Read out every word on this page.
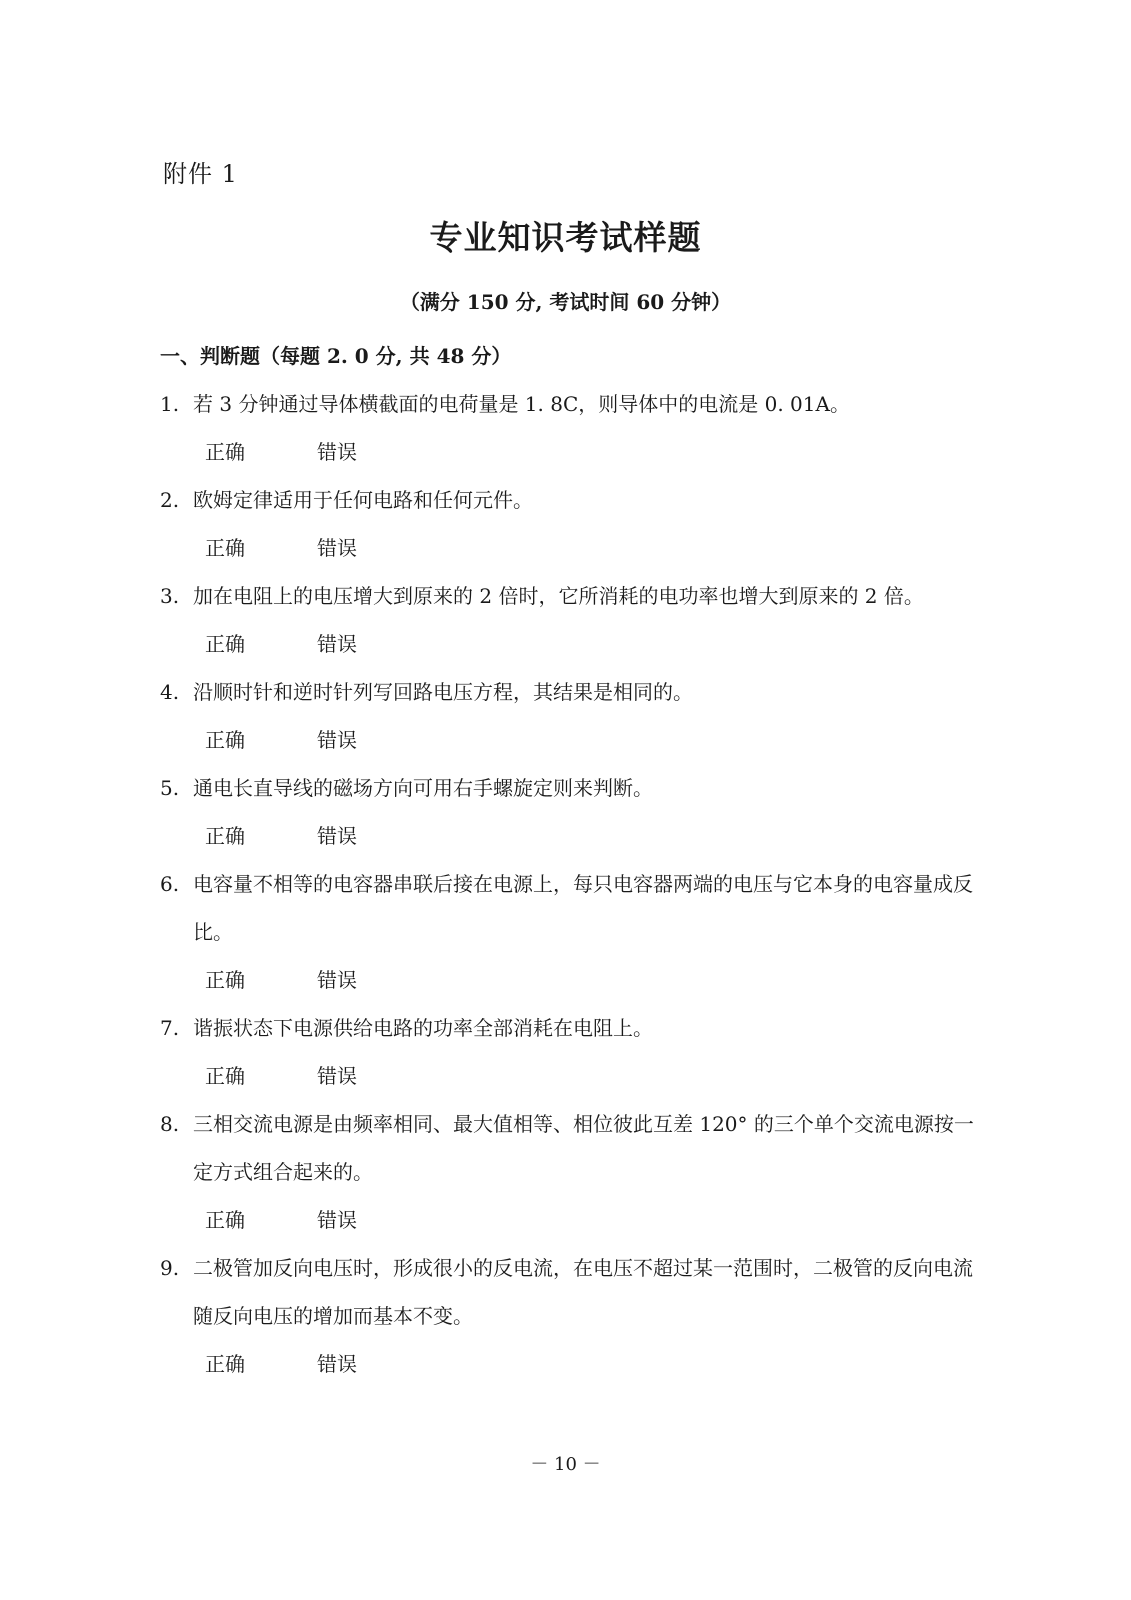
附件 1
专业知识考试样题
（满分 150 分, 考试时间 60 分钟）
一、判断题（每题 2. 0 分, 共 48 分）
1. 若 3 分钟通过导体横截面的电荷量是 1. 8C，则导体中的电流是 0. 01A。
正确	错误
2. 欧姆定律适用于任何电路和任何元件。
正确	错误
3. 加在电阻上的电压增大到原来的 2 倍时，它所消耗的电功率也增大到原来的 2 倍。
正确	错误
4. 沿顺时针和逆时针列写回路电压方程，其结果是相同的。
正确	错误
5. 通电长直导线的磁场方向可用右手螺旋定则来判断。
正确	错误
6. 电容量不相等的电容器串联后接在电源上，每只电容器两端的电压与它本身的电容量成反比。
正确	错误
7. 谐振状态下电源供给电路的功率全部消耗在电阻上。
正确	错误
8. 三相交流电源是由频率相同、最大值相等、相位彼此互差 120° 的三个单个交流电源按一定方式组合起来的。
正确	错误
9. 二极管加反向电压时，形成很小的反电流，在电压不超过某一范围时，二极管的反向电流随反向电压的增加而基本不变。
正确	错误
－ 10 －
